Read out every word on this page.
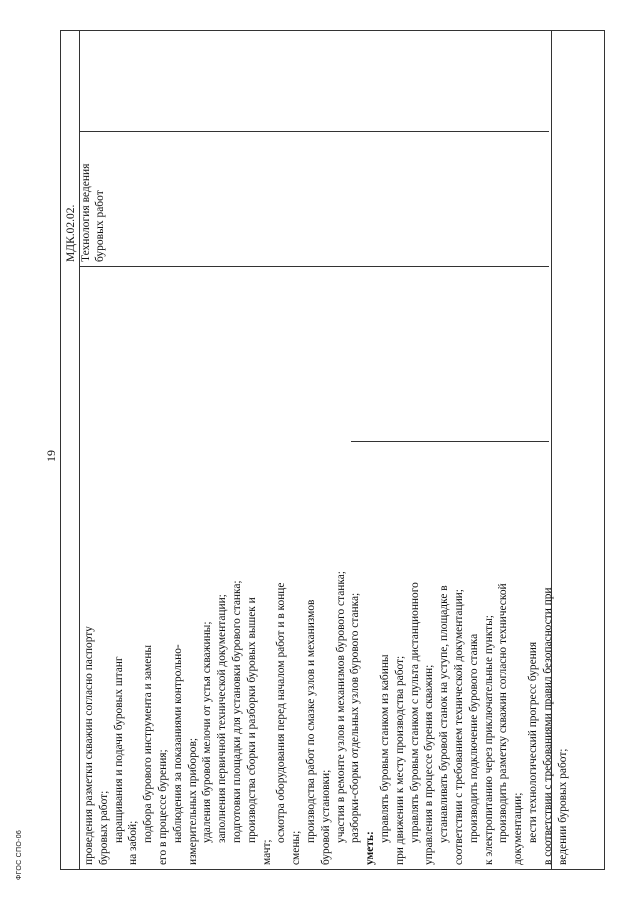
проведения разметки скважин согласно паспорту буровых работ; наращивания и подачи буровых штанг на забой; подбора бурового инструмента и замены его в процессе бурения; наблюдения за показаниями контрольно- измерительных приборов; удаления буровой мелочи от устья скважины; заполнения первичной технической документации; подготовки площадки для установки бурового станка; производства сборки и разборки буровых вышек и
мачт;
осмотра оборудования перед началом работ и в конце
смены;
производства работ по смазке узлов и механизмов буровой установки; участия в ремонте узлов и механизмов бурового станка; разборки-сборки отдельных узлов бурового станка;
уметь:
управлять буровым станком из кабины при движении к месту производства работ; управлять буровым станком с пульта дистанционного управления в процессе бурения скважин; устанавливать буровой станок на уступе, площадке в соответствии с требованием технической документации; производить подключение бурового станка к электропитанию через приключательные пункты; производить разметку скважин согласно технической документации; вести технологический прогресс бурения в соответствии с требованиями правил безопасности при ведении буровых работ;
МДК.02.02. Технология ведения буровых работ
19
ФГОС СПО-06
